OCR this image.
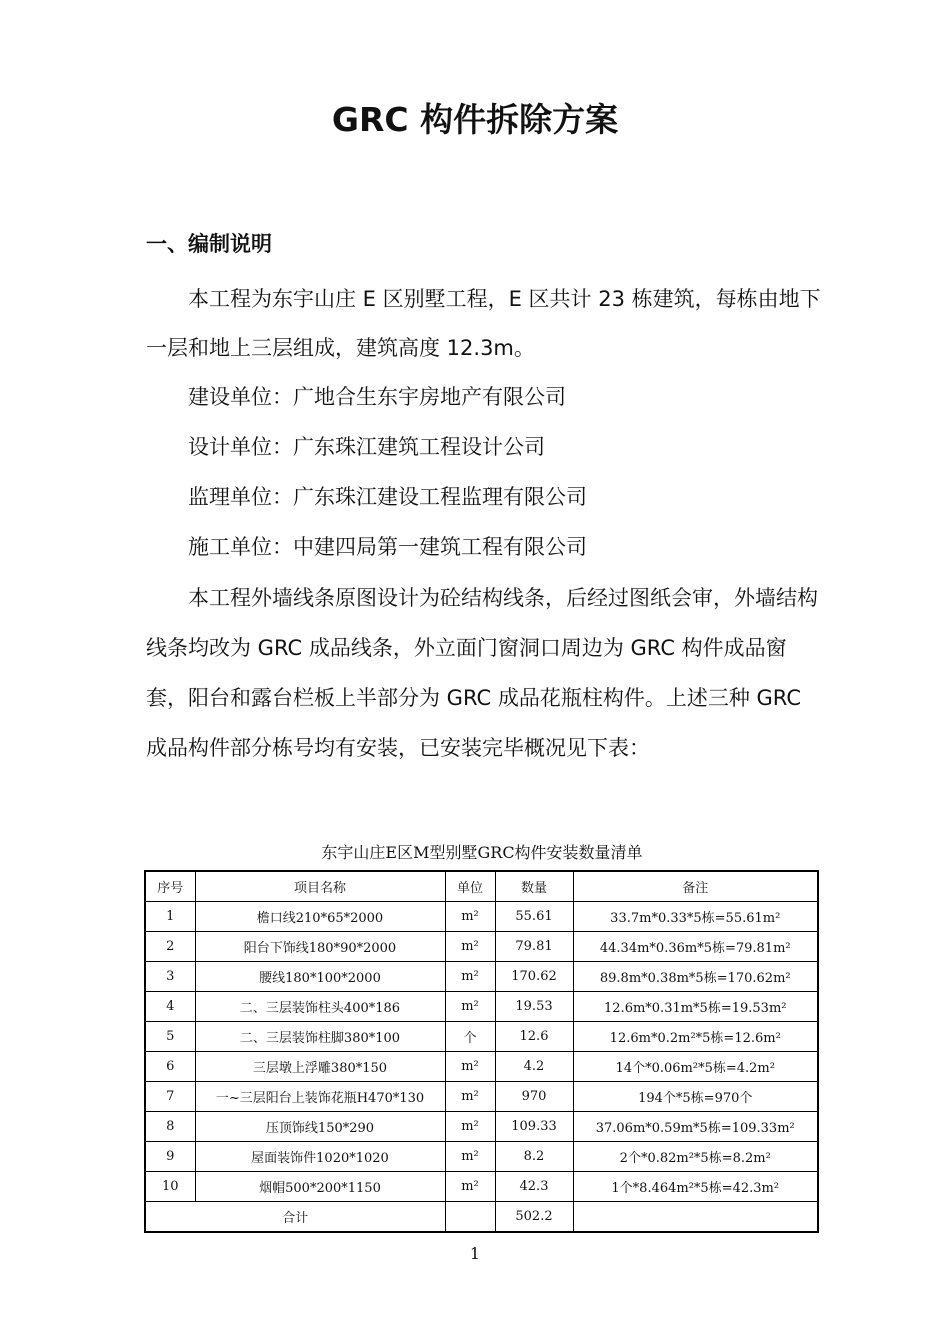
GRC 构件拆除方案
一、编制说明
本工程为东宇山庄 E 区别墅工程，E 区共计 23 栋建筑，每栋由地下一层和地上三层组成，建筑高度 12.3m。
建设单位：广地合生东宇房地产有限公司
设计单位：广东珠江建筑工程设计公司
监理单位：广东珠江建设工程监理有限公司
施工单位：中建四局第一建筑工程有限公司
本工程外墙线条原图设计为砼结构线条，后经过图纸会审，外墙结构线条均改为 GRC 成品线条，外立面门窗洞口周边为 GRC 构件成品窗套，阳台和露台栏板上半部分为 GRC 成品花瓶柱构件。上述三种 GRC 成品构件部分栋号均有安装，已安装完毕概况见下表：
东宇山庄E区M型别墅GRC构件安装数量清单
序号	项目名称	单位	数量	备注
1	檐口线210*65*2000	m²	55.61	33.7m*0.33*5栋=55.61m²
2	阳台下饰线180*90*2000	m²	79.81	44.34m*0.36m*5栋=79.81m²
3	腰线180*100*2000	m²	170.62	89.8m*0.38m*5栋=170.62m²
4	二、三层装饰柱头400*186	m²	19.53	12.6m*0.31m*5栋=19.53m²
5	二、三层装饰柱脚380*100	个	12.6	12.6m*0.2m²*5栋=12.6m²
6	三层墩上浮雕380*150	m²	4.2	14个*0.06m²*5栋=4.2m²
7	一~三层阳台上装饰花瓶H470*130	m²	970	194个*5栋=970个
8	压顶饰线150*290	m²	109.33	37.06m*0.59m*5栋=109.33m²
9	屋面装饰件1020*1020	m²	8.2	2个*0.82m²*5栋=8.2m²
10	烟帽500*200*1150	m²	42.3	1个*8.464m²*5栋=42.3m²
合计			502.2	
1
